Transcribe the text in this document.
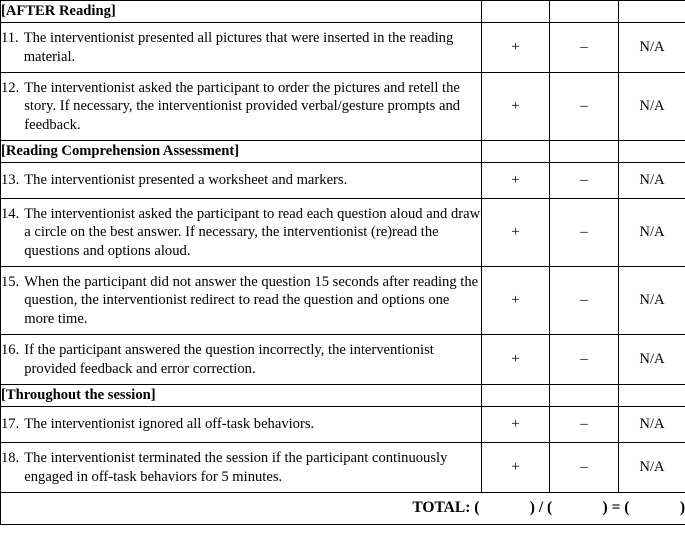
[AFTER Reading]			

11. The interventionist presented all pictures that were inserted in the reading material.	+	–	N/A

12. The interventionist asked the participant to order the pictures and retell the story. If necessary, the interventionist provided verbal/gesture prompts and feedback.	+	–	N/A
[Reading Comprehension Assessment]			

13. The interventionist presented a worksheet and markers.	+	–	N/A

14. The interventionist asked the participant to read each question aloud and draw a circle on the best answer. If necessary, the interventionist (re)read the questions and options aloud.	+	–	N/A

15. When the participant did not answer the question 15 seconds after reading the question, the interventionist redirect to read the question and options one more time.	+	–	N/A

16. If the participant answered the question incorrectly, the interventionist provided feedback and error correction.	+	–	N/A
[Throughout the session]			

17. The interventionist ignored all off-task behaviors.	+	–	N/A

18. The interventionist terminated the session if the participant continuously engaged in off-task behaviors for 5 minutes.	+	–	N/A
TOTAL: ( ) / ( ) = ( )			
